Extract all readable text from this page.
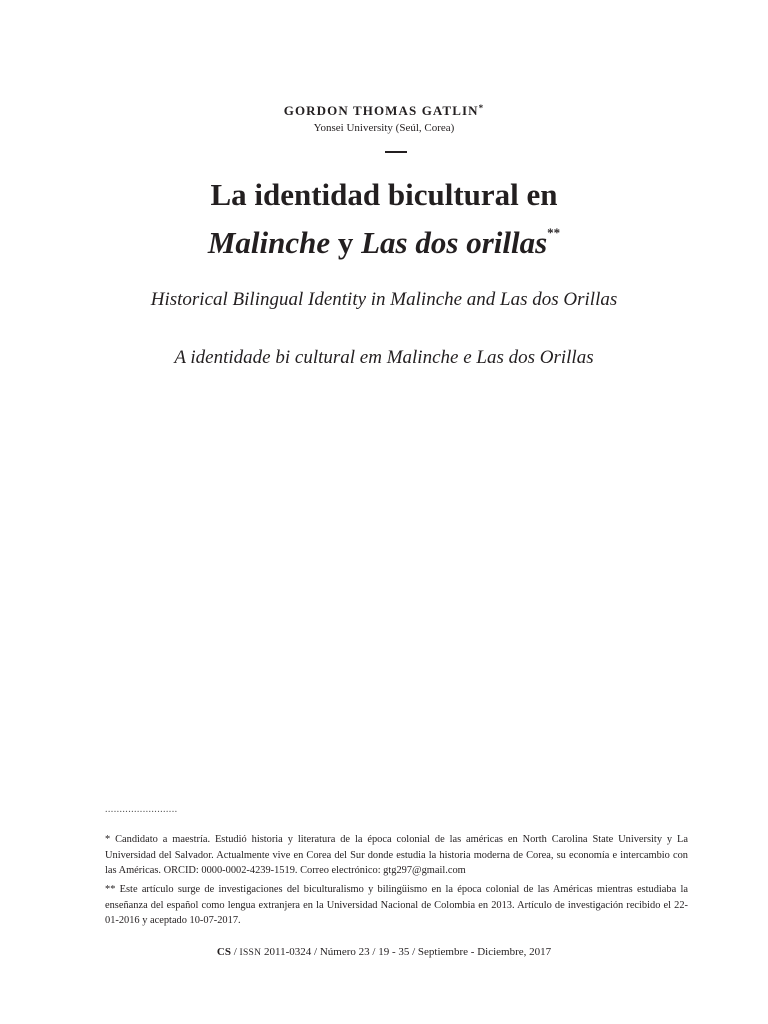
GORDON THOMAS GATLIN*
Yonsei University (Seúl, Corea)
La identidad bicultural en
Malinche y Las dos orillas**
Historical Bilingual Identity in Malinche and Las dos Orillas
A identidade bi cultural em Malinche e Las dos Orillas
.........................
* Candidato a maestría. Estudió historia y literatura de la época colonial de las américas en North Carolina State University y La Universidad del Salvador. Actualmente vive en Corea del Sur donde estudia la historia moderna de Corea, su economía e intercambio con las Américas. ORCID: 0000-0002-4239-1519. Correo electrónico: gtg297@gmail.com
** Este artículo surge de investigaciones del biculturalismo y bilingüismo en la época colonial de las Américas mientras estudiaba la enseñanza del español como lengua extranjera en la Universidad Nacional de Colombia en 2013. Artículo de investigación recibido el 22-01-2016 y aceptado 10-07-2017.
CS / ISSN 2011-0324 / Número 23 / 19 - 35 / Septiembre - Diciembre, 2017
